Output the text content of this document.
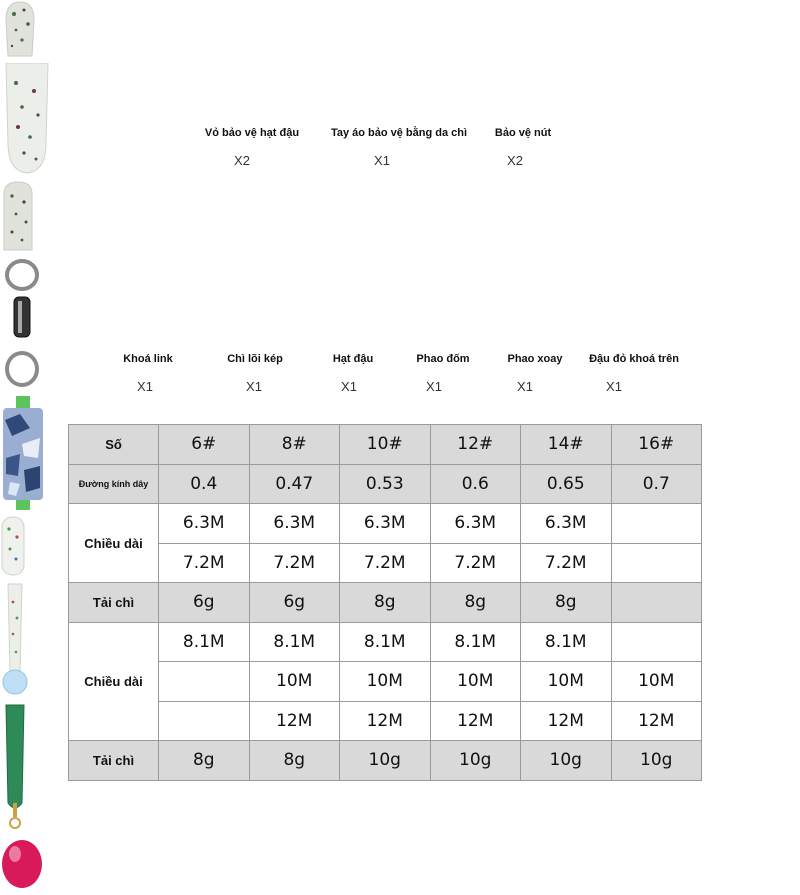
Vỏ bảo vệ hạt đậu
X2
Tay áo bảo vệ bằng da chì
X1
Bảo vệ nút
X2
Khoá link
X1
Chì lõi kép
X1
Hạt đậu
X1
Phao đốm
X1
Phao xoay
X1
Đậu đỏ khoá trên
X1
Số	6#	8#	10#	12#	14#	16#
Đường kính dây	0.4	0.47	0.53	0.6	0.65	0.7
Chiều dài	6.3M	6.3M	6.3M	6.3M	6.3M	
	7.2M	7.2M	7.2M	7.2M	7.2M	
Tải chì	6g	6g	8g	8g	8g	
Chiều dài	8.1M	8.1M	8.1M	8.1M	8.1M	
		10M	10M	10M	10M	10M
		12M	12M	12M	12M	12M
Tải chì	8g	8g	10g	10g	10g	10g
